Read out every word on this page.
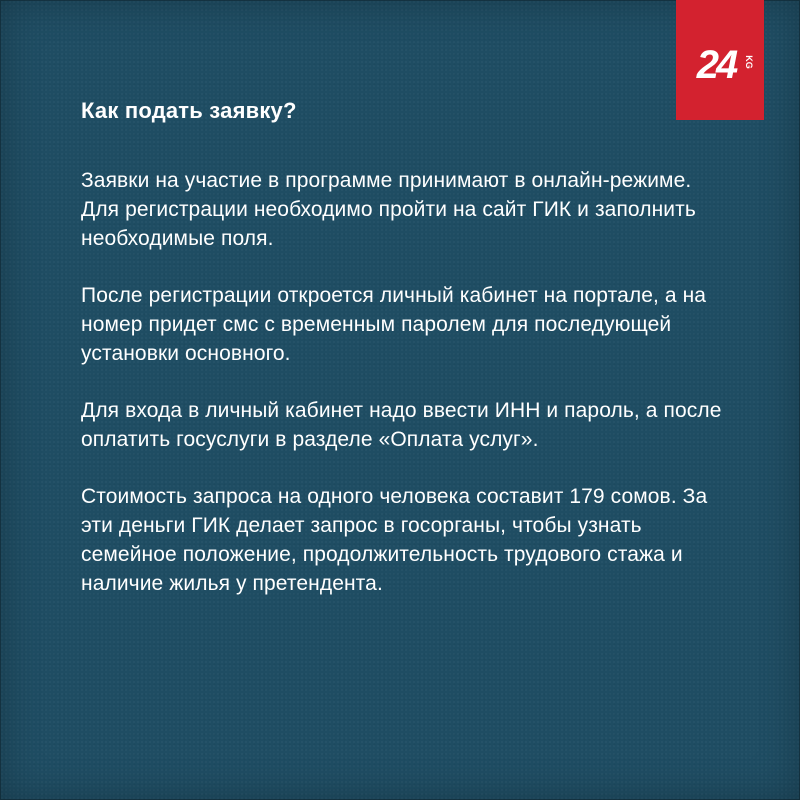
24 KG
Как подать заявку?

Заявки на участие в программе принимают в онлайн-режиме. Для регистрации необходимо пройти на сайт ГИК и заполнить необходимые поля.

После регистрации откроется личный кабинет на портале, а на номер придет смс с временным паролем для последующей установки основного.

Для входа в личный кабинет надо ввести ИНН и пароль, а после оплатить госуслуги в разделе «Оплата услуг».

Стоимость запроса на одного человека составит 179 сомов. За эти деньги ГИК делает запрос в госорганы, чтобы узнать семейное положение, продолжительность трудового стажа и наличие жилья у претендента.
